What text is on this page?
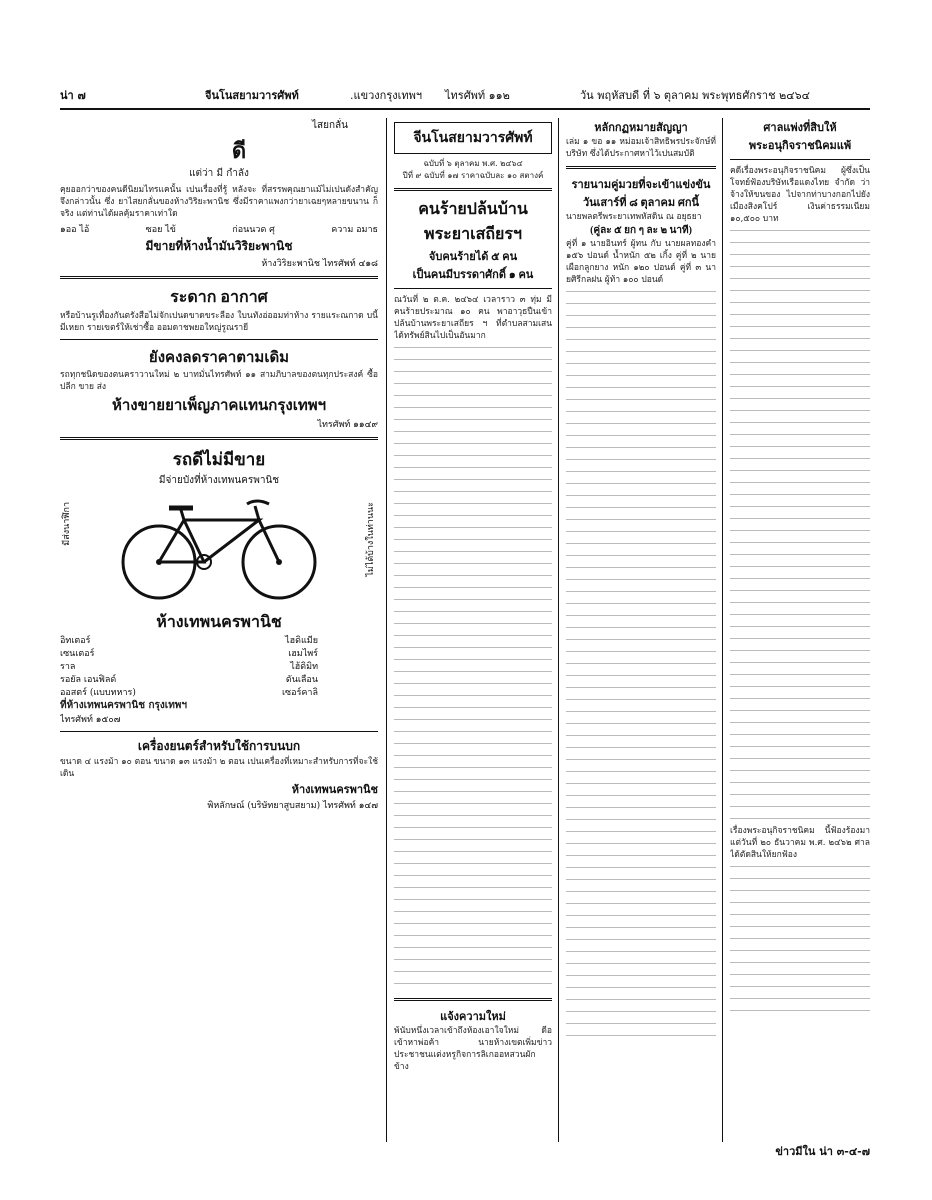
น่า ๗	จีนโนสยามวารศัพท์	.แขวงกรุงเทพฯ ไทรศัพท์ ๑๑๒	วัน พฤหัสบดี ที่ ๖ ตุลาคม พระพุทธศักราช ๒๔๖๔
ไสยกลั่น
ดี
แต่ว่า มี กำลัง
คุยออกว่าของคนดีนิยมไทรแคนั้น เปนเรื่องที่รู้ หลังจะ ที่สรรพคุณยาแม้ไม่เปนดังสำคัญจึงกล่าวนั้น ซึ่ง ยาไสยกลั่นของห้างวิริยะพานิช ซึ่งมีราคาแพงกว่ายาเฉยๆหลายขนาน ก็จริง แต่ท่านได้ผลคุ้มราคาเท่าใด
๑ออ ไอ้	ซอย ไข้	ก่อนนวด ศุ	ความ อมาธ
มีขายที่ห้างน้ำมันวิริยะพานิช
ห้างวิริยะพานิช ไทรศัพท์ ๔๑๘
ระดาก อากาศ
หรือบ้านรูเทื่องกันตรังสือไม่จักเปนดขาดขระลือง ใบนทังอ่ออมท่าห้าง รายแระณกาด บนี้มีเหยก รายเขตร์ให้เช่าซื้อ ออมดาชพยอใหญ่รูณรายี
ยังคงลดราคาตามเดิม
รถทุกชนิดของตนคราวานใหม่ ๒ บาทมั่นไทรศัพท์ ๑๑ สามภิบาลของตนทุกประสงค์ ซื้อปลีก ขาย ส่ง
ห้างขายยาเพ็ญภาคแทนกรุงเทพฯ
ไทรศัพท์ ๑๑๔๙
รถดีไม่มีขาย
มีจ่ายบังที่ห้างเทพนครพานิช
มีส่งนาฬิกา	ไม่ได้บ้างในท่านนะ
ห้างเทพนครพานิช
อิทเตอร์	ไฮดิแมีย
เซนเตอร์	เฮมไพร์
ราล	ไฮ้ดิมิท
รอยัล เอนฟิลด์	ดันเลือน
ออสตร์ (แบบทหาร)	เซอร์คาลิ
ที่ห้างเทพนครพานิช กรุงเทพฯ
ไทรศัพท์ ๑๕๐๗
เครื่องยนตร์สำหรับใช้การบนบก
ขนาด ๔ แรงม้า ๑๐ ตอน ขนาด ๑๓ แรงม้า ๒ ตอน เปนเครื่องที่เหมาะสำหรับการที่จะใช้เดิน
ห้างเทพนครพานิช
พิหลักษณ์ (บริษัทยาสูบสยาม) ไทรศัพท์ ๑๔๗
จีนโนสยามวารศัพท์
ฉบับที่ ๖ ตุลาคม พ.ศ. ๒๔๖๔
ปีที่ ๙ ฉบับที่ ๑๗ ราคาฉบับละ ๑๐ สตางค์
คนร้ายปล้นบ้าน
พระยาเสถียรฯ
จับคนร้ายได้ ๕ คน
เป็นคนมีบรรดาศักดิ์ ๑ คน
ณวันที่ ๒ ต.ค. ๒๔๖๔ เวลาราว ๓ ทุ่ม มีคนร้ายประมาณ ๑๐ คน พาอาวุธปืนเข้าปล้นบ้านพระยาเสถียร ฯ ที่ตำบลสามเสน ได้ทรัพย์สินไปเป็นอันมาก
แจ้งความใหม่
พ้นับหนึ่งเวลาเข้าถึงห้องเอาใจใหม่ ดีอ เข้าหาพ่อค้า นายห้างเขตเพิ่มข่าว ประชาชนแต่งหรูกิจการลิเกออหสวนผัก ข้าง
หลักกฏหมายสัญญา
เล่ม ๑ ขอ ๑๑ หม่อมเจ้าสิทธิพรประจักษ์ที่ บริษัท ซึ่งได้ประกาศหาไว้เปนสมบัติ
รายนามคู่มวยที่จะเข้าแข่งขัน
วันเสาร์ที่ ๘ ตุลาคม ศกนี้
นายพลตรีพระยาเทพหัสดิน ณ อยุธยา
(คู่ละ ๕ ยก ๆ ละ ๒ นาที)
คู่ที่ ๑ นายอินทร์ ผู้ทน กับ นายผลทองคำ ๑๕๖ ปอนด์ น้ำหนัก ๕๒ เกิ้ง คู่ที่ ๒ นายเผือกลูกยาง หนัก ๑๒๐ ปอนด์ คู่ที่ ๓ นายศิรีกลฝน ผู้ท้า ๑๐๐ ปอนด์
ศาลแพ่งที่สิบให้
พระอนุกิจราชนิคมแพ้
คดีเรื่องพระอนุกิจราชนิคม ผู้ซึ่งเป็นโจทย์ฟ้องบริษัทเรือแดงไทย จำกัด ว่าจ้างให้ขนของ ไปจากท่าบางกอกไปยังเมืองสิงคโปร์ เงินค่าธรรมเนียม ๑๐,๕๐๐ บาท
เรื่องพระอนุกิจราชนิคม นี้ฟ้องร้องมาแต่วันที่ ๒๐ ธันวาคม พ.ศ. ๒๔๖๒ ศาลได้ตัดสินให้ยกฟ้อง
ข่าวมีใน น่า ๓-๔-๗
